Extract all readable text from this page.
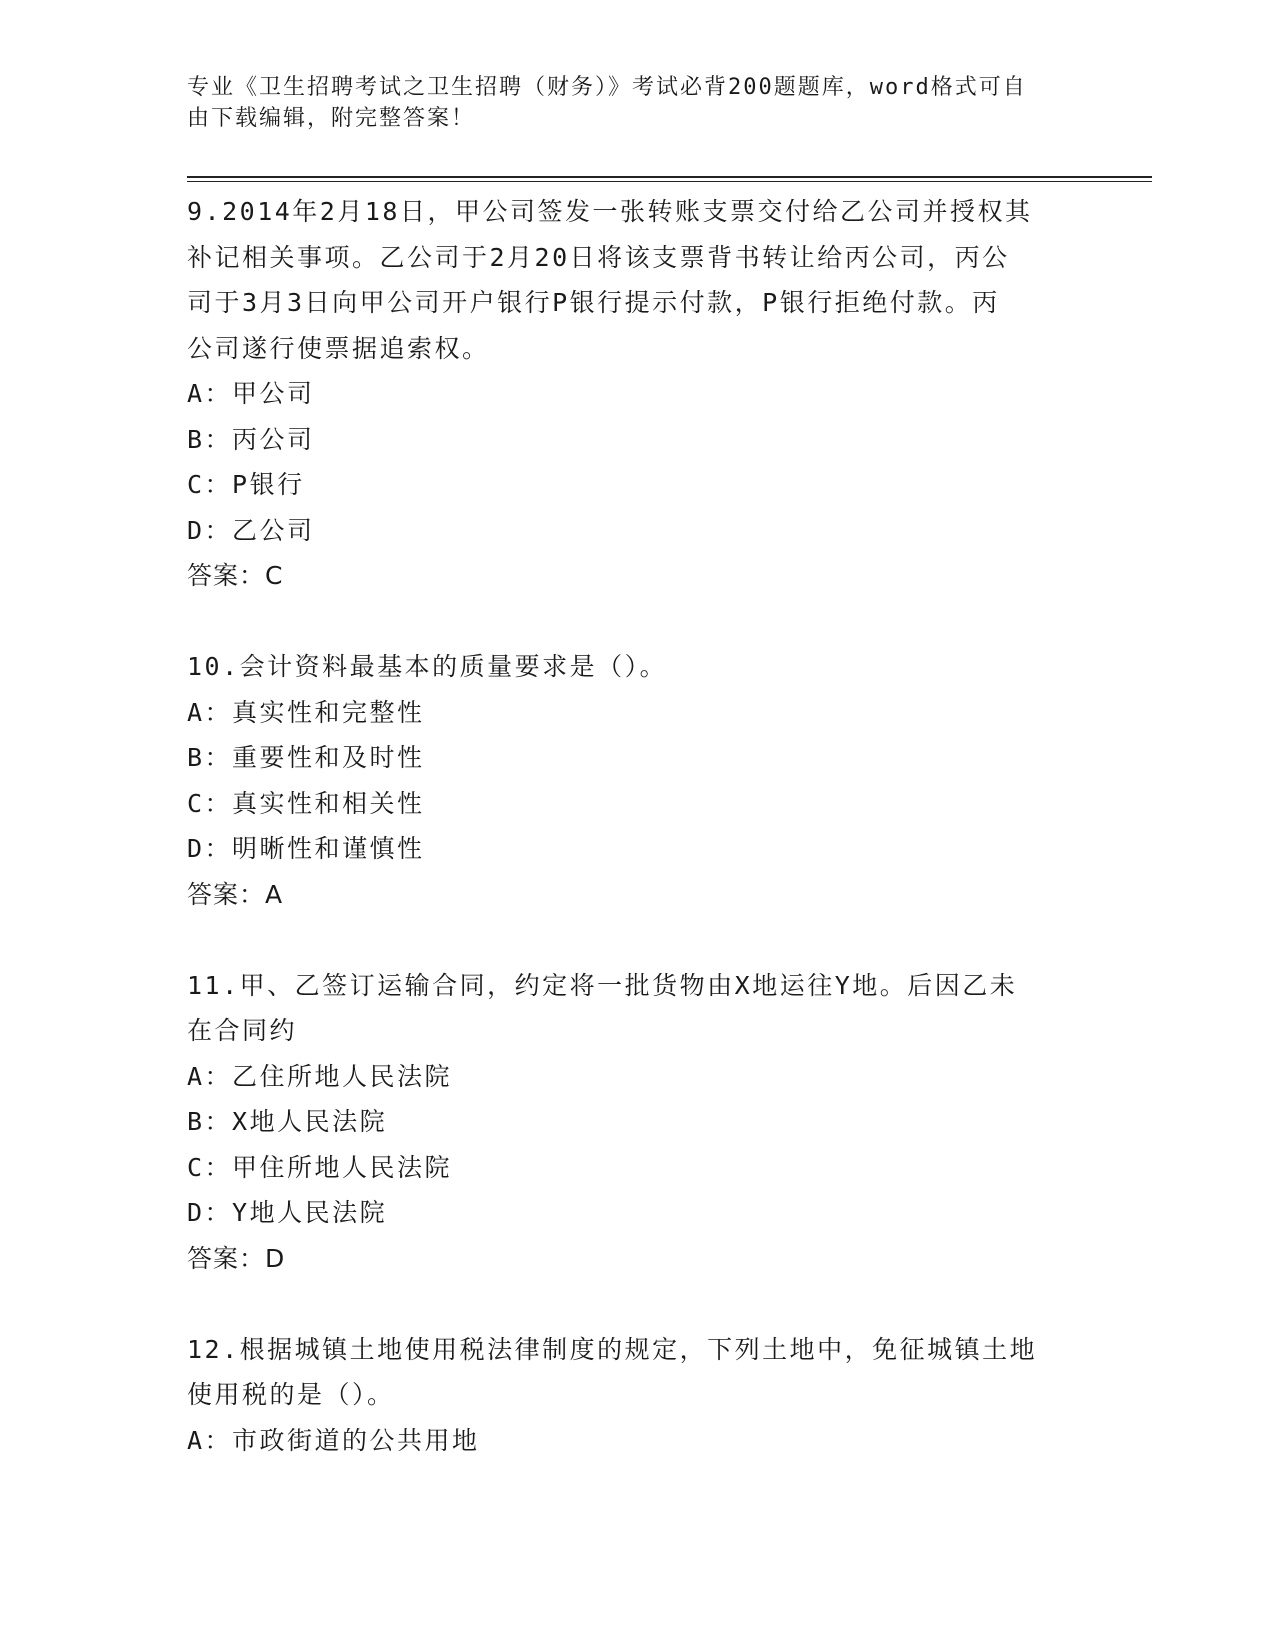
专业《卫生招聘考试之卫生招聘（财务）》考试必背200题题库，word格式可自
由下载编辑，附完整答案！
9.2014年2月18日，甲公司签发一张转账支票交付给乙公司并授权其
补记相关事项。乙公司于2月20日将该支票背书转让给丙公司，丙公
司于3月3日向甲公司开户银行P银行提示付款，P银行拒绝付款。丙
公司遂行使票据追索权。
A：甲公司
B：丙公司
C：P银行
D：乙公司
答案：C
10.会计资料最基本的质量要求是（）。
A：真实性和完整性
B：重要性和及时性
C：真实性和相关性
D：明晰性和谨慎性
答案：A
11.甲、乙签订运输合同，约定将一批货物由X地运往Y地。后因乙未
在合同约
A：乙住所地人民法院
B：X地人民法院
C：甲住所地人民法院
D：Y地人民法院
答案：D
12.根据城镇土地使用税法律制度的规定，下列土地中，免征城镇土地
使用税的是（）。
A：市政街道的公共用地
